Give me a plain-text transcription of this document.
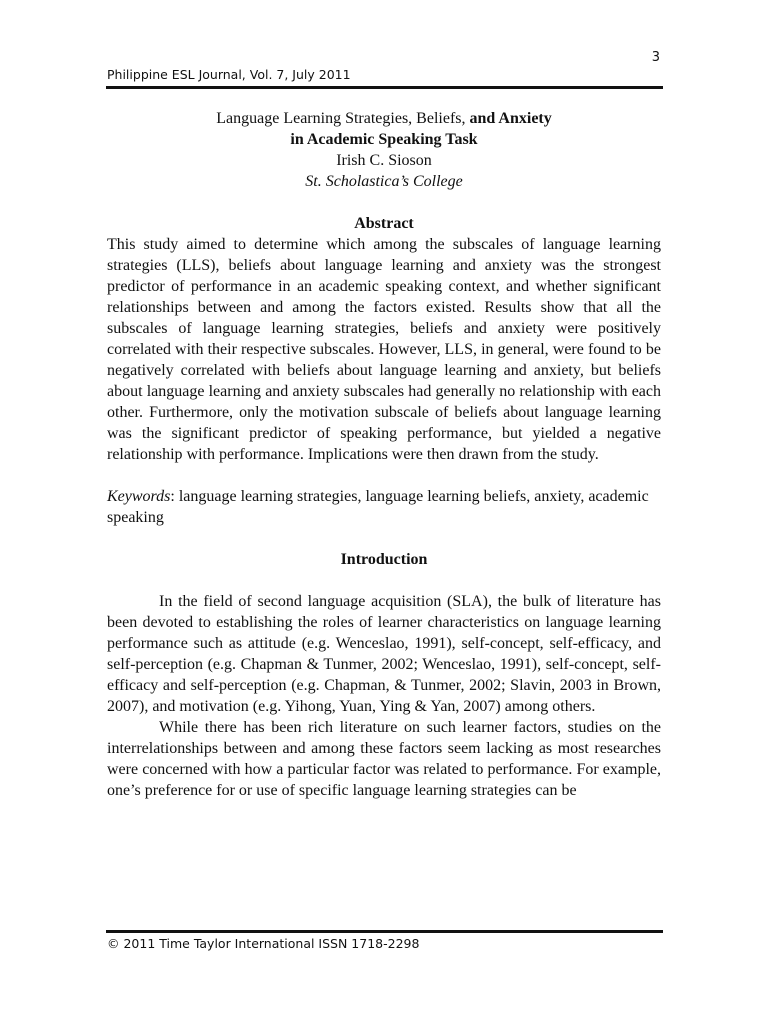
3
Philippine ESL Journal, Vol. 7, July 2011
Language Learning Strategies, Beliefs, and Anxiety
in Academic Speaking Task
Irish C. Sioson
St. Scholastica’s College
Abstract

This study aimed to determine which among the subscales of language learning strategies (LLS), beliefs about language learning and anxiety was the strongest predictor of performance in an academic speaking context, and whether significant relationships between and among the factors existed. Results show that all the subscales of language learning strategies, beliefs and anxiety were positively correlated with their respective subscales. However, LLS, in general, were found to be negatively correlated with beliefs about language learning and anxiety, but beliefs about language learning and anxiety subscales had generally no relationship with each other. Furthermore, only the motivation subscale of beliefs about language learning was the significant predictor of speaking performance, but yielded a negative relationship with performance. Implications were then drawn from the study.

Keywords: language learning strategies, language learning beliefs, anxiety, academic speaking

Introduction

In the field of second language acquisition (SLA), the bulk of literature has been devoted to establishing the roles of learner characteristics on language learning performance such as attitude (e.g. Wenceslao, 1991), self-concept, self-efficacy, and self-perception (e.g. Chapman & Tunmer, 2002; Wenceslao, 1991), self-concept, self-efficacy and self-perception (e.g. Chapman, & Tunmer, 2002; Slavin, 2003 in Brown, 2007), and motivation (e.g. Yihong, Yuan, Ying & Yan, 2007) among others.

While there has been rich literature on such learner factors, studies on the interrelationships between and among these factors seem lacking as most researches were concerned with how a particular factor was related to performance. For example, one’s preference for or use of specific language learning strategies can be

© 2011 Time Taylor International ISSN 1718-2298
